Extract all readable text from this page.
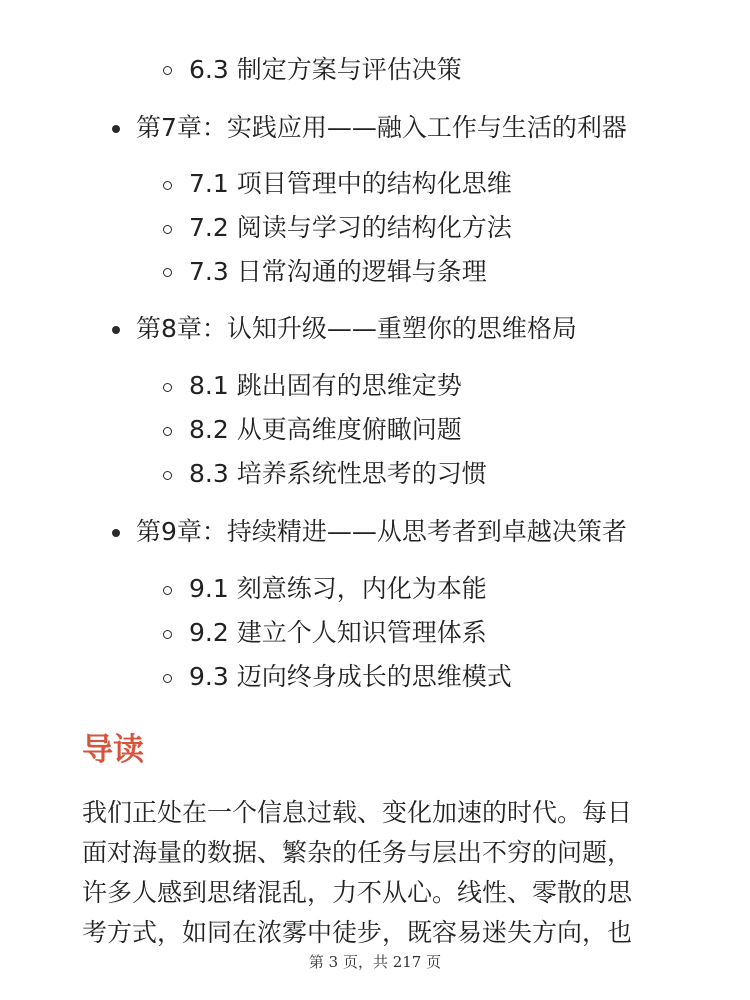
6.3 制定方案与评估决策
第7章：实践应用——融入工作与生活的利器
7.1 项目管理中的结构化思维
7.2 阅读与学习的结构化方法
7.3 日常沟通的逻辑与条理
第8章：认知升级——重塑你的思维格局
8.1 跳出固有的思维定势
8.2 从更高维度俯瞰问题
8.3 培养系统性思考的习惯
第9章：持续精进——从思考者到卓越决策者
9.1 刻意练习，内化为本能
9.2 建立个人知识管理体系
9.3 迈向终身成长的思维模式
导读
我们正处在一个信息过载、变化加速的时代。每日
面对海量的数据、繁杂的任务与层出不穷的问题，
许多人感到思绪混乱，力不从心。线性、零散的思
考方式，如同在浓雾中徒步，既容易迷失方向，也
第 3 页，共 217 页
